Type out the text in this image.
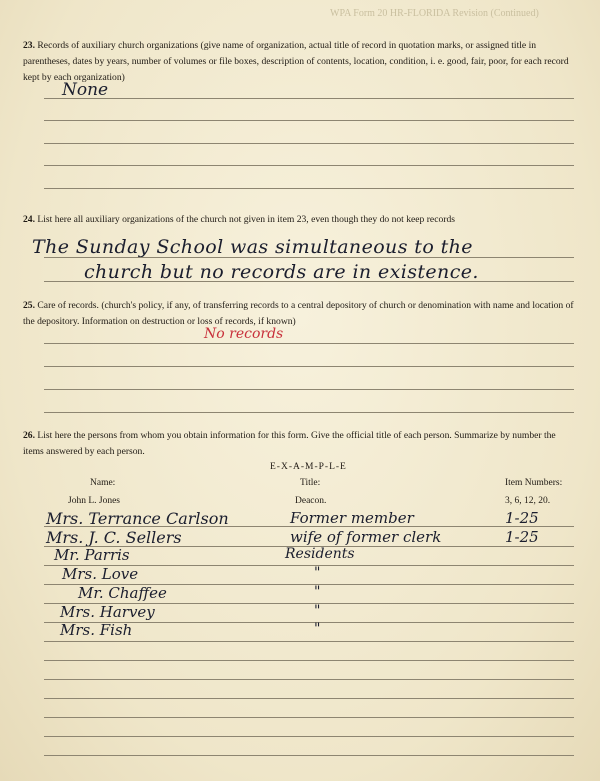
WPA Form 20 HR-FLORIDA Revision (Continued)
23. Records of auxiliary church organizations (give name of organization, actual title of record in quotation marks, or assigned title in parentheses, dates by years, number of volumes or file boxes, description of contents, location, condition, i. e. good, fair, poor, for each record kept by each organization)
None
24. List here all auxiliary organizations of the church not given in item 23, even though they do not keep records
The Sunday School was simultaneous to the
church but no records are in existence.
25. Care of records. (church's policy, if any, of transferring records to a central depository of church or denomination with name and location of the depository. Information on destruction or loss of records, if known)
No records
26. List here the persons from whom you obtain information for this form. Give the official title of each person. Summarize by number the items answered by each person.
E-X-A-M-P-L-E
Name:	Title:	Item Numbers:
John L. Jones	Deacon.	3, 6, 12, 20.
Mrs. Terrance Carlson	Former member	1-25
Mrs. J. C. Sellers	wife of former clerk	1-25
Mr. Parris	Residents
Mrs. Love	"
Mr. Chaffee	"
Mrs. Harvey	"
Mrs. Fish	"
